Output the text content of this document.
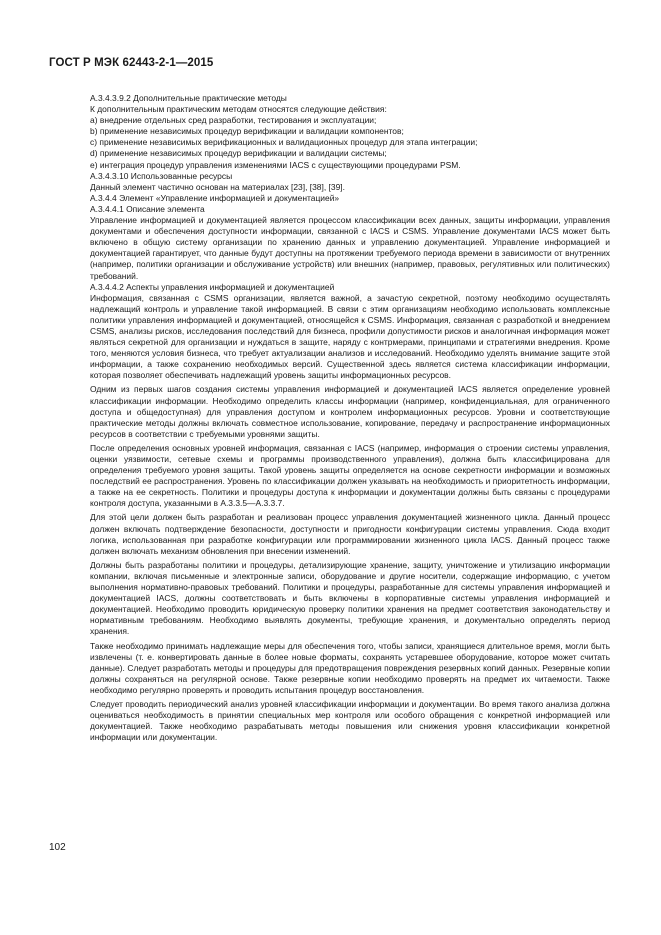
ГОСТ Р МЭК 62443-2-1—2015

А.3.4.3.9.2 Дополнительные практические методы

К дополнительным практическим методам относятся следующие действия:

a) внедрение отдельных сред разработки, тестирования и эксплуатации;

b) применение независимых процедур верификации и валидации компонентов;

c) применение независимых верификационных и валидационных процедур для этапа интеграции;

d) применение независимых процедур верификации и валидации системы;

e) интеграция процедур управления изменениями IACS с существующими процедурами PSM.

А.3.4.3.10 Использованные ресурсы

Данный элемент частично основан на материалах [23], [38], [39].

А.3.4.4 Элемент «Управление информацией и документацией»

А.3.4.4.1 Описание элемента

Управление информацией и документацией является процессом классификации всех данных, защиты информации, управления документами и обеспечения доступности информации, связанной с IACS и CSMS. Управление документами IACS может быть включено в общую систему организации по хранению данных и управлению документацией. Управление информацией и документацией гарантирует, что данные будут доступны на протяжении требуемого периода времени в зависимости от внутренних (например, политики организации и обслуживание устройств) или внешних (например, правовых, регулятивных или политических) требований.

А.3.4.4.2 Аспекты управления информацией и документацией

Информация, связанная с CSMS организации, является важной, а зачастую секретной, поэтому необходимо осуществлять надлежащий контроль и управление такой информацией. В связи с этим организациям необходимо использовать комплексные политики управления информацией и документацией, относящейся к CSMS. Информация, связанная с разработкой и внедрением CSMS, анализы рисков, исследования последствий для бизнеса, профили допустимости рисков и аналогичная информация может являться секретной для организации и нуждаться в защите, наряду с контрмерами, принципами и стратегиями внедрения. Кроме того, меняются условия бизнеса, что требует актуализации анализов и исследований. Необходимо уделять внимание защите этой информации, а также сохранению необходимых версий. Существенной здесь является система классификации информации, которая позволяет обеспечивать надлежащий уровень защиты информационных ресурсов.

Одним из первых шагов создания системы управления информацией и документацией IACS является определение уровней классификации информации. Необходимо определить классы информации (например, конфиденциальная, для ограниченного доступа и общедоступная) для управления доступом и контролем информационных ресурсов. Уровни и соответствующие практические методы должны включать совместное использование, копирование, передачу и распространение информационных ресурсов в соответствии с требуемыми уровнями защиты.

После определения основных уровней информация, связанная с IACS (например, информация о строении системы управления, оценки уязвимости, сетевые схемы и программы производственного управления), должна быть классифицирована для определения требуемого уровня защиты. Такой уровень защиты определяется на основе секретности информации и возможных последствий ее распространения. Уровень по классификации должен указывать на необходимость и приоритетность информации, а также на ее секретность. Политики и процедуры доступа к информации и документации должны быть связаны с процедурами контроля доступа, указанными в А.3.3.5—А.3.3.7.

Для этой цели должен быть разработан и реализован процесс управления документацией жизненного цикла. Данный процесс должен включать подтверждение безопасности, доступности и пригодности конфигурации системы управления. Сюда входит логика, использованная при разработке конфигурации или программировании жизненного цикла IACS. Данный процесс также должен включать механизм обновления при внесении изменений.

Должны быть разработаны политики и процедуры, детализирующие хранение, защиту, уничтожение и утилизацию информации компании, включая письменные и электронные записи, оборудование и другие носители, содержащие информацию, с учетом выполнения нормативно-правовых требований. Политики и процедуры, разработанные для системы управления информацией и документацией IACS, должны соответствовать и быть включены в корпоративные системы управления информацией и документацией. Необходимо проводить юридическую проверку политики хранения на предмет соответствия законодательству и нормативным требованиям. Необходимо выявлять документы, требующие хранения, и документально определять период хранения.

Также необходимо принимать надлежащие меры для обеспечения того, чтобы записи, хранящиеся длительное время, могли быть извлечены (т. е. конвертировать данные в более новые форматы, сохранять устаревшее оборудование, которое может считать данные). Следует разработать методы и процедуры для предотвращения повреждения резервных копий данных. Резервные копии должны сохраняться на регулярной основе. Также резервные копии необходимо проверять на предмет их читаемости. Также необходимо регулярно проверять и проводить испытания процедур восстановления.

Следует проводить периодический анализ уровней классификации информации и документации. Во время такого анализа должна оцениваться необходимость в принятии специальных мер контроля или особого обращения с конкретной информацией или документацией. Также необходимо разрабатывать методы повышения или снижения уровня классификации конкретной информации или документации.

102
